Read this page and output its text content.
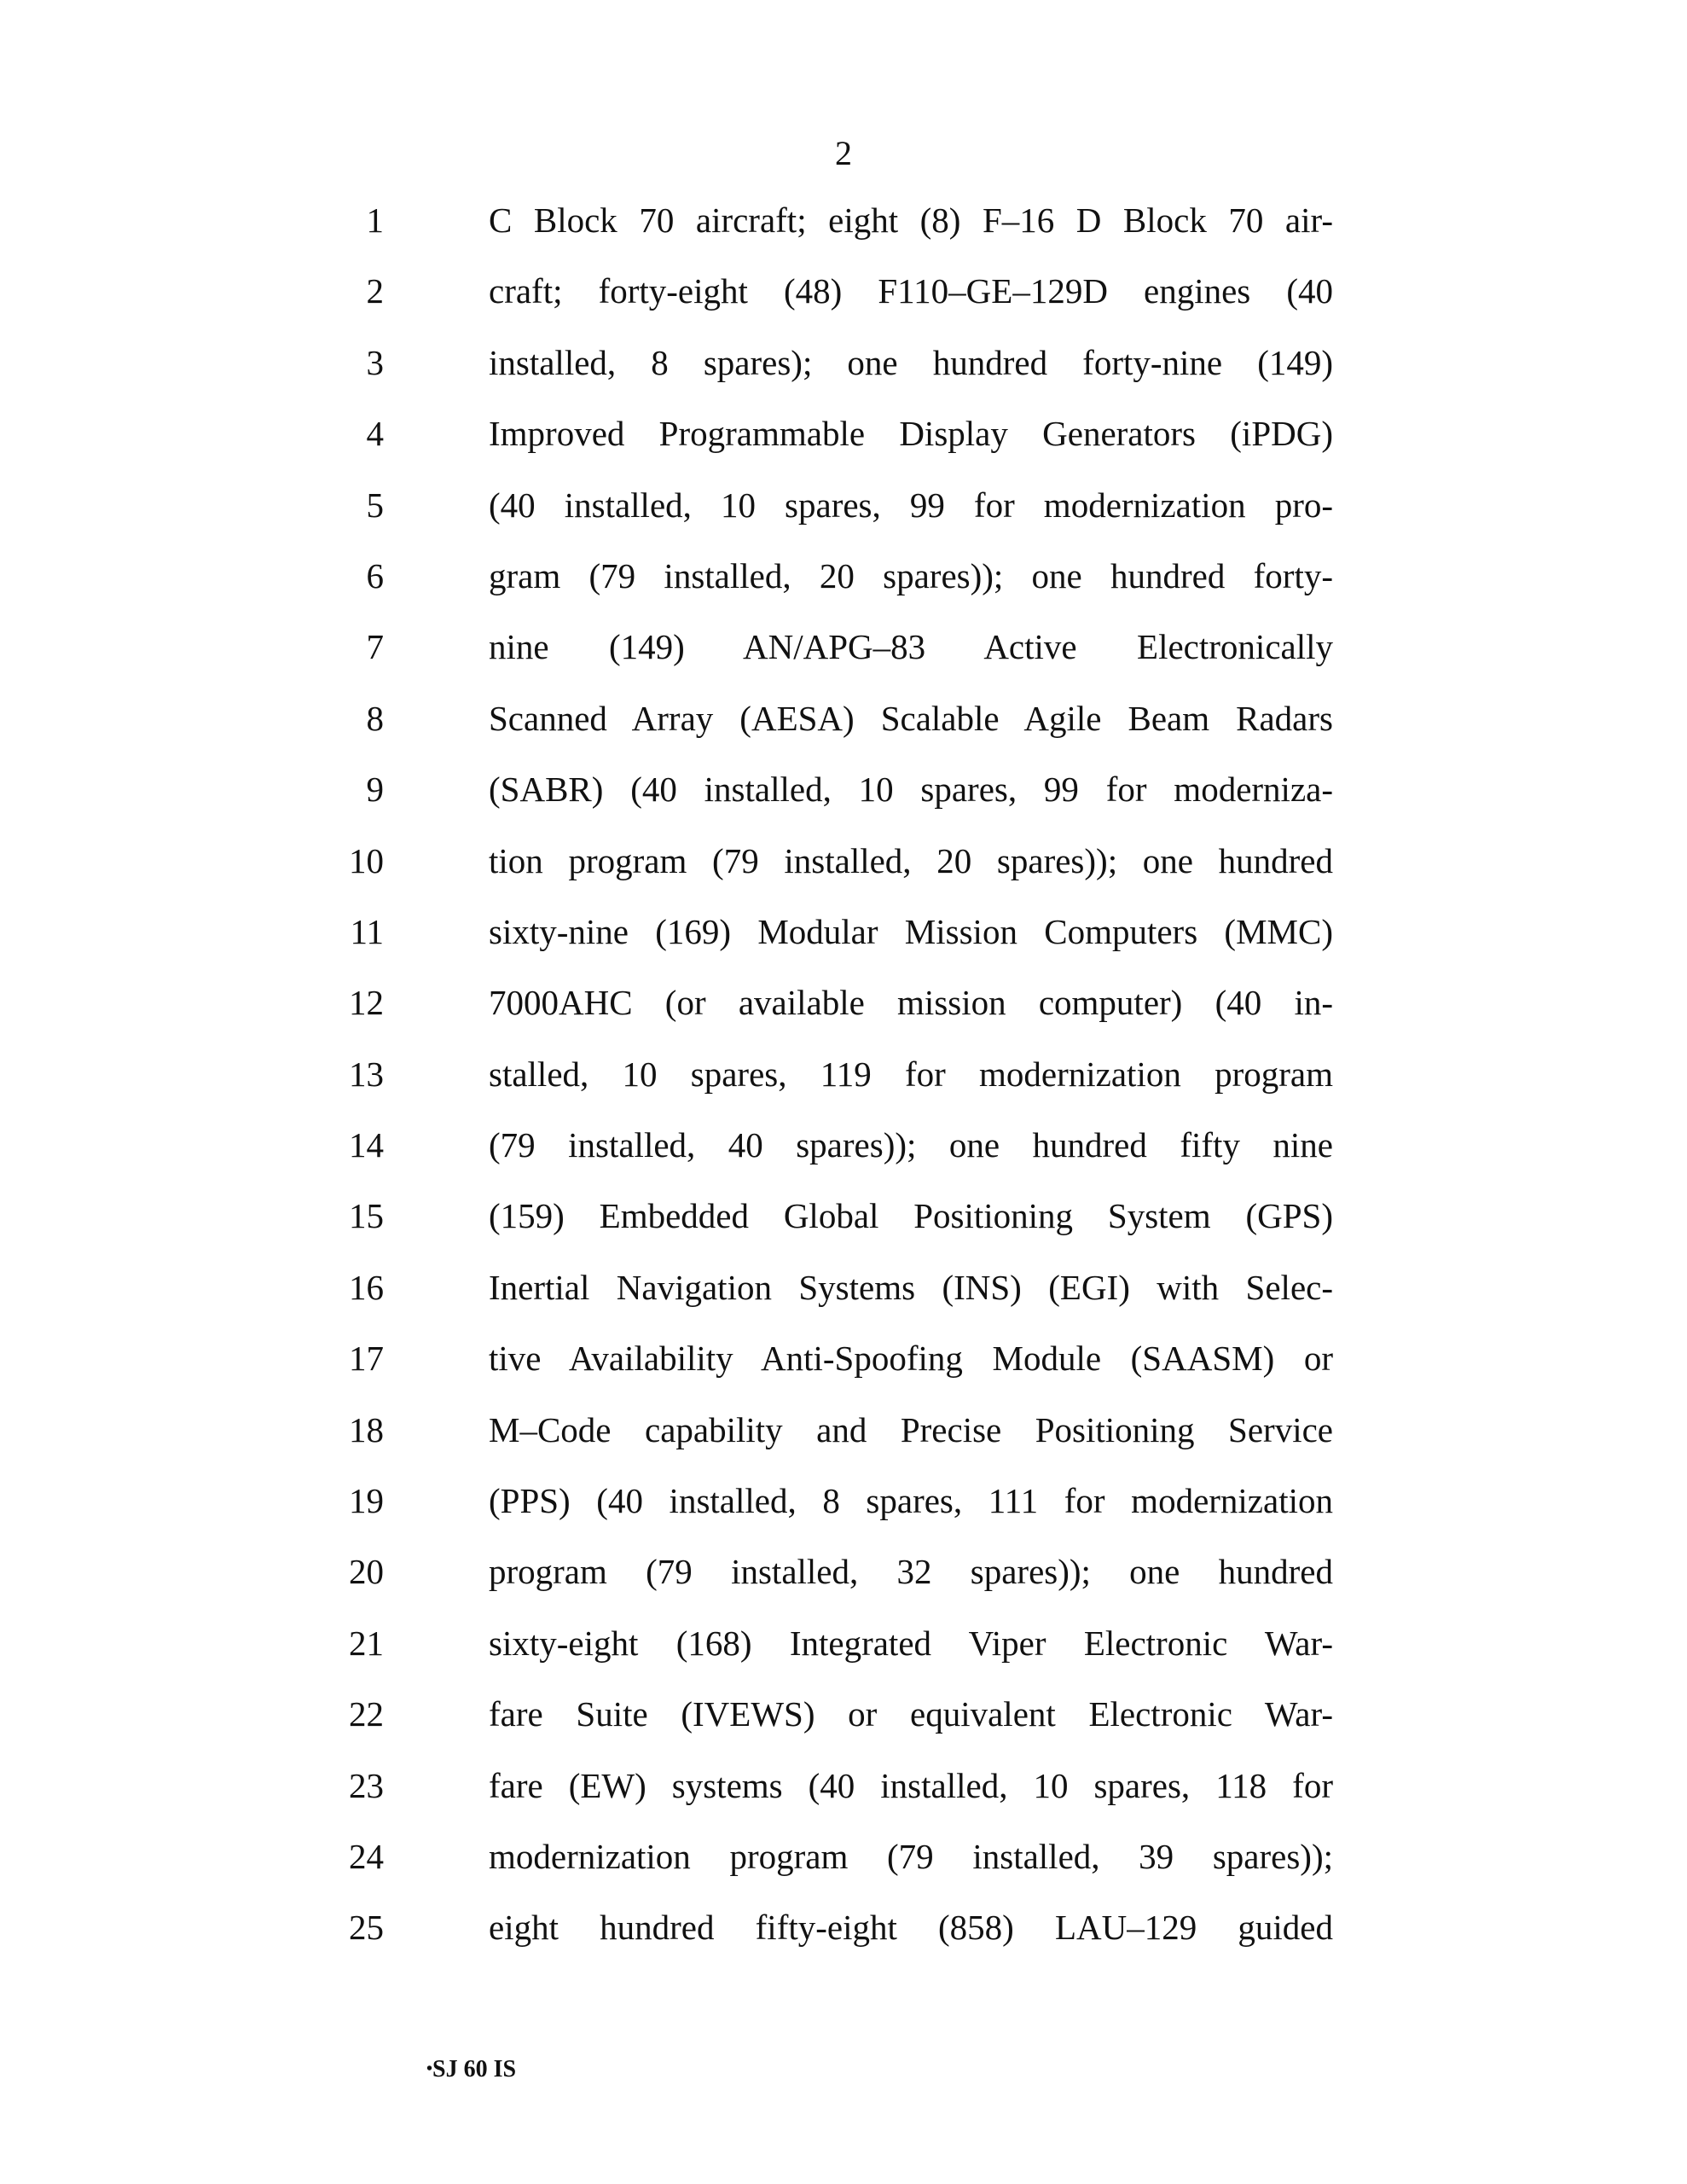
2
1	C Block 70 aircraft; eight (8) F–16 D Block 70 air-
2	craft; forty-eight (48) F110–GE–129D engines (40
3	installed, 8 spares); one hundred forty-nine (149)
4	Improved Programmable Display Generators (iPDG)
5	(40 installed, 10 spares, 99 for modernization pro-
6	gram (79 installed, 20 spares)); one hundred forty-
7	nine (149) AN/APG–83 Active Electronically
8	Scanned Array (AESA) Scalable Agile Beam Radars
9	(SABR) (40 installed, 10 spares, 99 for moderniza-
10	tion program (79 installed, 20 spares)); one hundred
11	sixty-nine (169) Modular Mission Computers (MMC)
12	7000AHC (or available mission computer) (40 in-
13	stalled, 10 spares, 119 for modernization program
14	(79 installed, 40 spares)); one hundred fifty nine
15	(159) Embedded Global Positioning System (GPS)
16	Inertial Navigation Systems (INS) (EGI) with Selec-
17	tive Availability Anti-Spoofing Module (SAASM) or
18	M–Code capability and Precise Positioning Service
19	(PPS) (40 installed, 8 spares, 111 for modernization
20	program (79 installed, 32 spares)); one hundred
21	sixty-eight (168) Integrated Viper Electronic War-
22	fare Suite (IVEWS) or equivalent Electronic War-
23	fare (EW) systems (40 installed, 10 spares, 118 for
24	modernization program (79 installed, 39 spares));
25	eight hundred fifty-eight (858) LAU–129 guided
•SJ 60 IS
